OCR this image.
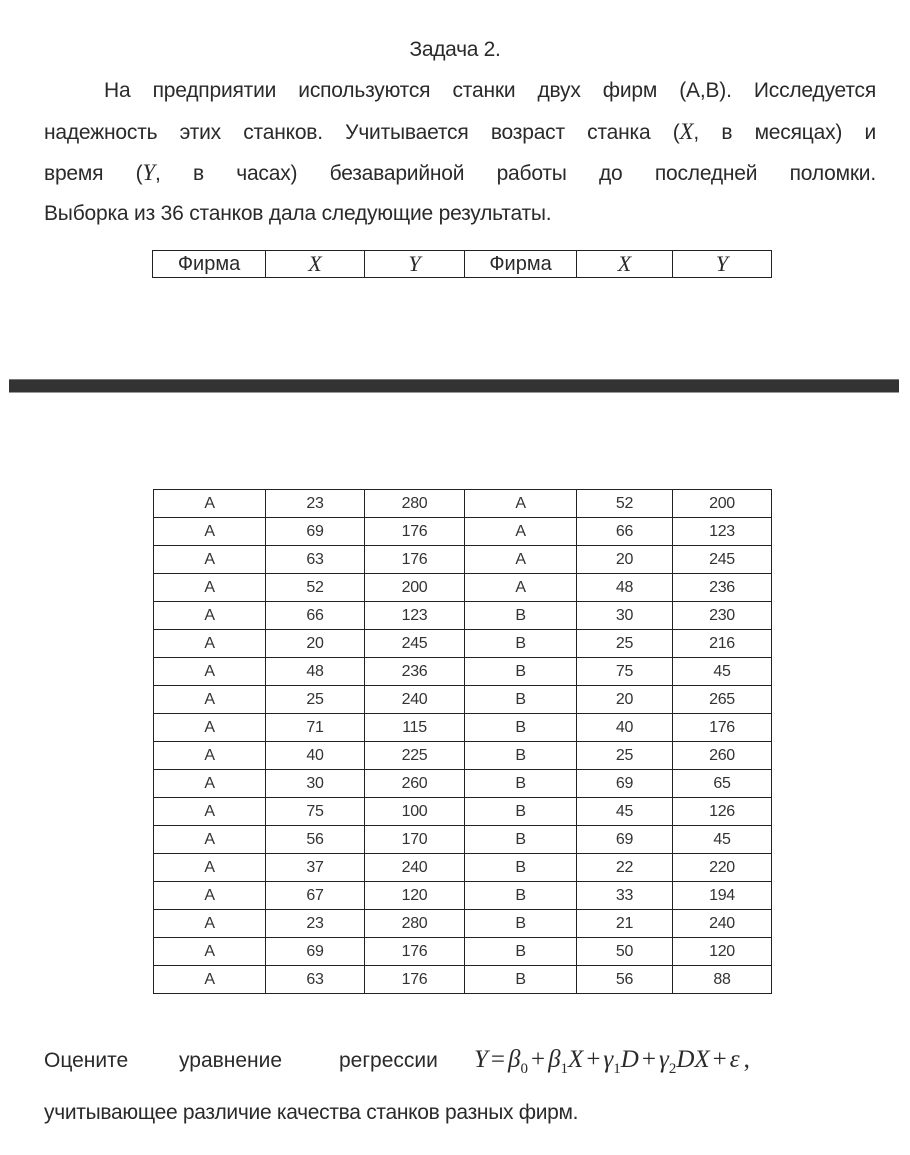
Задача 2.
На предприятии используются станки двух фирм (A,B). Исследуется
надежность этих станков. Учитывается возраст станка (X, в месяцах) и
время (Y, в часах) безаварийной работы до последней поломки.
Выборка из 36 станков дала следующие результаты.
Фирма	X	Y	Фирма	X	Y
A	23	280	A	52	200
A	69	176	A	66	123
A	63	176	A	20	245
A	52	200	A	48	236
A	66	123	B	30	230
A	20	245	B	25	216
A	48	236	B	75	45
A	25	240	B	20	265
A	71	115	B	40	176
A	40	225	B	25	260
A	30	260	B	69	65
A	75	100	B	45	126
A	56	170	B	69	45
A	37	240	B	22	220
A	67	120	B	33	194
A	23	280	B	21	240
A	69	176	B	50	120
A	63	176	B	56	88
Оцените	уравнение	регрессии	$Y = \beta_0 + \beta_1X + \gamma_1D + \gamma_2DX + \varepsilon$ ,
учитывающее различие качества станков разных фирм.
